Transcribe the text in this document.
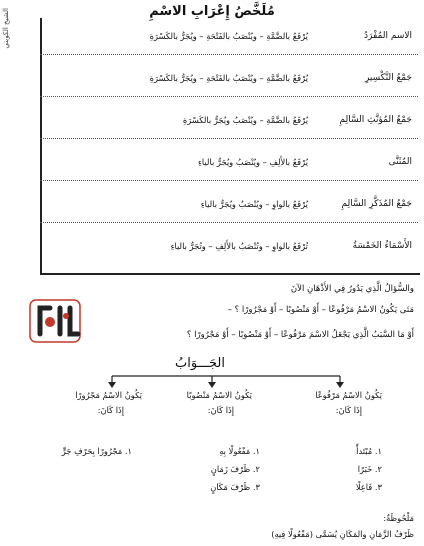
مُلَخَّصُ إِعْرَابِ الاسْمِ
الشيخ الكويتي	الاسم المُفْرَدُ
يُرْفَعُ بالضَّمَّةِ – ويُنْصَبُ بالفَتْحَةِ – ويُجَرُّ بالكَسْرَةِ
جَمْعُ التَّكْسِيرِ
يُرْفَعُ بالضَّمَّةِ – ويُنْصَبُ بالفَتْحَةِ – ويُجَرُّ بالكَسْرَةِ
جَمْعُ المُؤنَّثِ السَّالِمِ
يُرْفَعُ بالضَّمَّةِ – ويُنْصَبُ ويُجَرُّ بالكَسْرَةِ
المُثَنَّى
يُرْفَعُ بالأَلِفِ – ويُنْصَبُ ويُجَرُّ بالياءِ
جَمْعُ المُذَكَّرِ السَّالِمِ
يُرْفَعُ بالواوِ – ويُنْصَبُ ويُجَرُّ بالياءِ
الأَسْمَاءُ الخَمْسَةُ
تُرْفَعُ بالواوِ – وتُنْصَبُ بالأَلِفِ – وتُجَرُّ بالياءِ
والسُّؤالُ الَّذِي يَدُورُ فِي الأَذْهَانِ الآنَ
مَتَى يَكُونُ الاسْمُ مَرْفُوعًا – أَوْ مَنْصُوبًا – أَوْ مَجْرُورًا ؟ –
أَوْ مَا السَّبَبُ الَّذِي يَجْعَلُ الاسْمَ مَرْفُوعًا – أَوْ مَنْصُوبًا – أَوْ مَجْرُورًا ؟
الجَـــوَابُ
يَكُونُ الاسْمُ مَرْفُوعًا
إِذَا كَانَ:
يَكُونُ الاسْمُ مَنْصُوبًا
إِذَا كَانَ:
يَكُونُ الاسْمُ مَجْرُورًا
إِذَا كَانَ:
١. مُبْتَدأً
٢. خَبَرًا
٣. فَاعِلًا
١. مَفْعُولًا بِهِ
٢. ظَرْفَ زَمَانٍ
٣. ظَرْفَ مَكَانٍ
١. مَجْرُورًا بِحَرْفِ جَرٍّ
مَلْحُوظَةٌ:
ظَرْفُ الزَّمَانِ والمَكَانِ يُسَمَّى (مَفْعُولًا فِيهِ)
